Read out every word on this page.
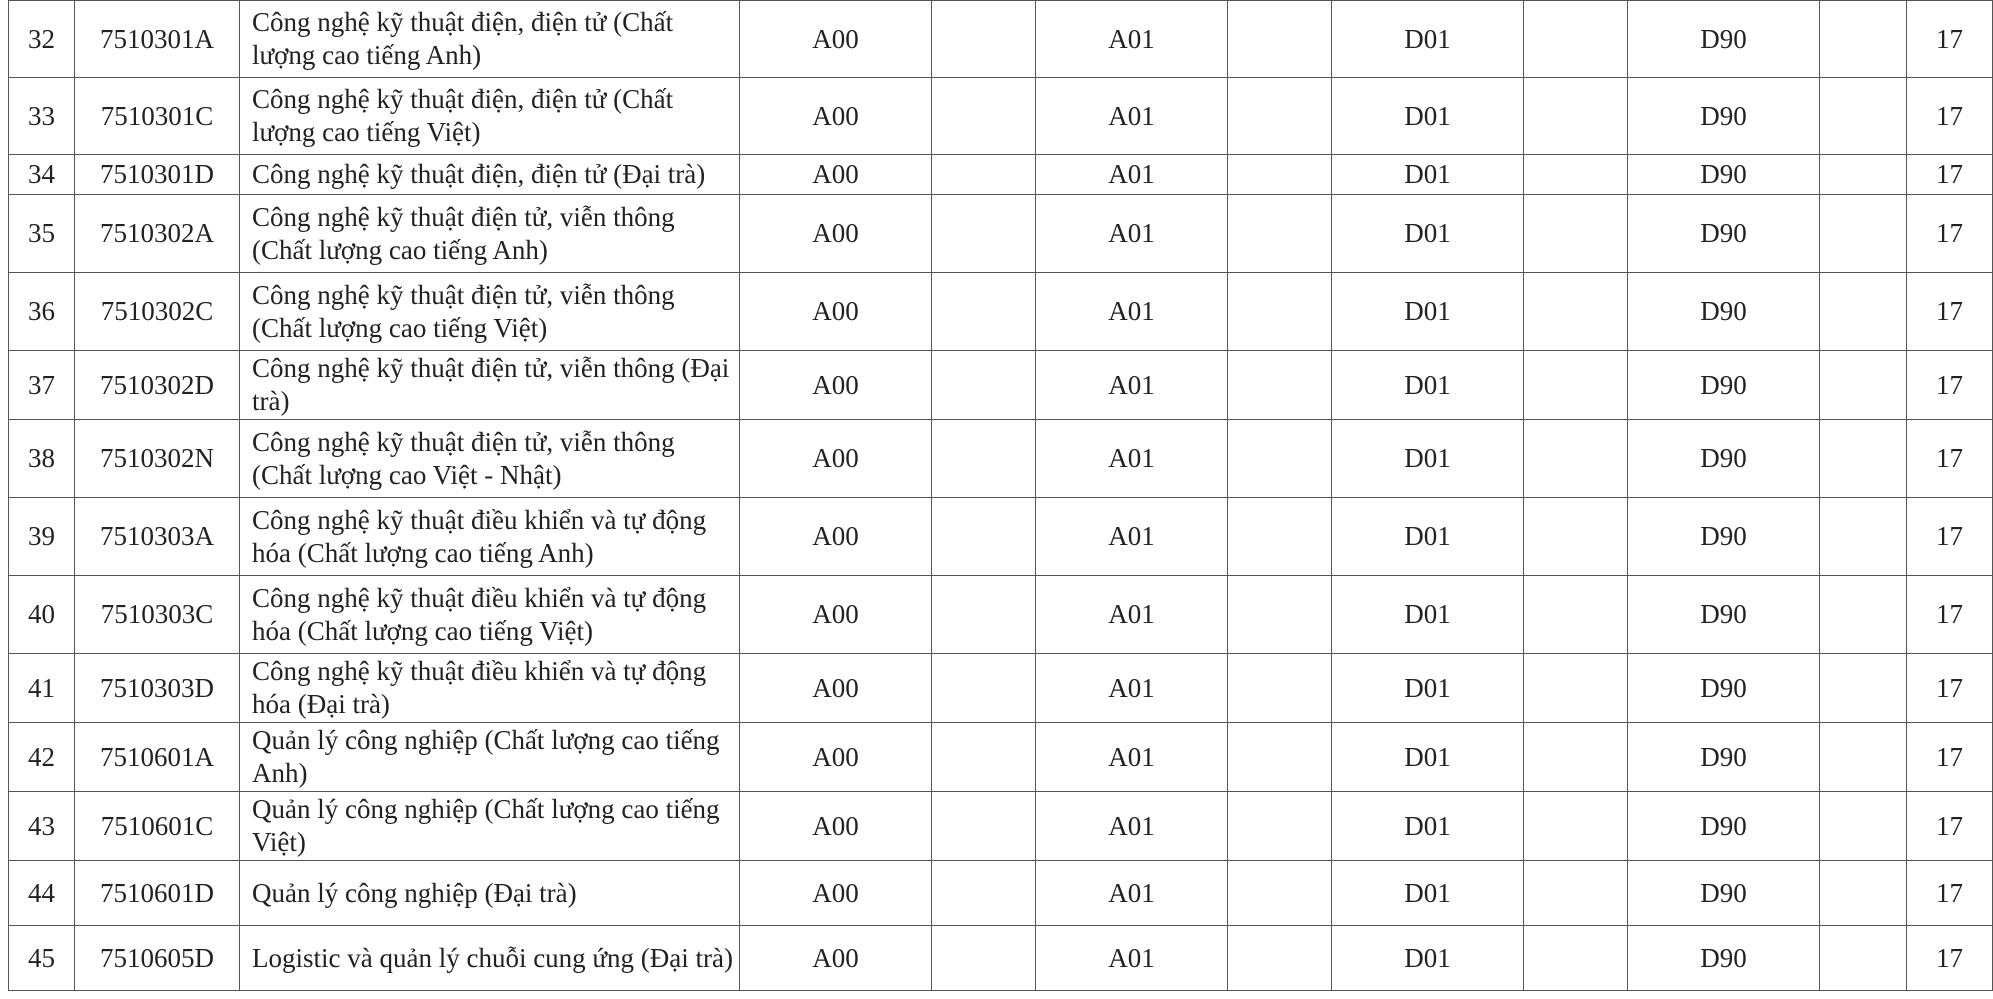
32	7510301A	Công nghệ kỹ thuật điện, điện tử (Chất lượng cao tiếng Anh)	A00		A01		D01		D90		17
33	7510301C	Công nghệ kỹ thuật điện, điện tử (Chất lượng cao tiếng Việt)	A00		A01		D01		D90		17
34	7510301D	Công nghệ kỹ thuật điện, điện tử (Đại trà)	A00		A01		D01		D90		17
35	7510302A	Công nghệ kỹ thuật điện tử, viễn thông (Chất lượng cao tiếng Anh)	A00		A01		D01		D90		17
36	7510302C	Công nghệ kỹ thuật điện tử, viễn thông (Chất lượng cao tiếng Việt)	A00		A01		D01		D90		17
37	7510302D	Công nghệ kỹ thuật điện tử, viễn thông (Đại trà)	A00		A01		D01		D90		17
38	7510302N	Công nghệ kỹ thuật điện tử, viễn thông (Chất lượng cao Việt - Nhật)	A00		A01		D01		D90		17
39	7510303A	Công nghệ kỹ thuật điều khiển và tự động hóa (Chất lượng cao tiếng Anh)	A00		A01		D01		D90		17
40	7510303C	Công nghệ kỹ thuật điều khiển và tự động hóa (Chất lượng cao tiếng Việt)	A00		A01		D01		D90		17
41	7510303D	Công nghệ kỹ thuật điều khiển và tự động hóa (Đại trà)	A00		A01		D01		D90		17
42	7510601A	Quản lý công nghiệp (Chất lượng cao tiếng Anh)	A00		A01		D01		D90		17
43	7510601C	Quản lý công nghiệp (Chất lượng cao tiếng Việt)	A00		A01		D01		D90		17
44	7510601D	Quản lý công nghiệp (Đại trà)	A00		A01		D01		D90		17
45	7510605D	Logistic và quản lý chuỗi cung ứng (Đại trà)	A00		A01		D01		D90		17
